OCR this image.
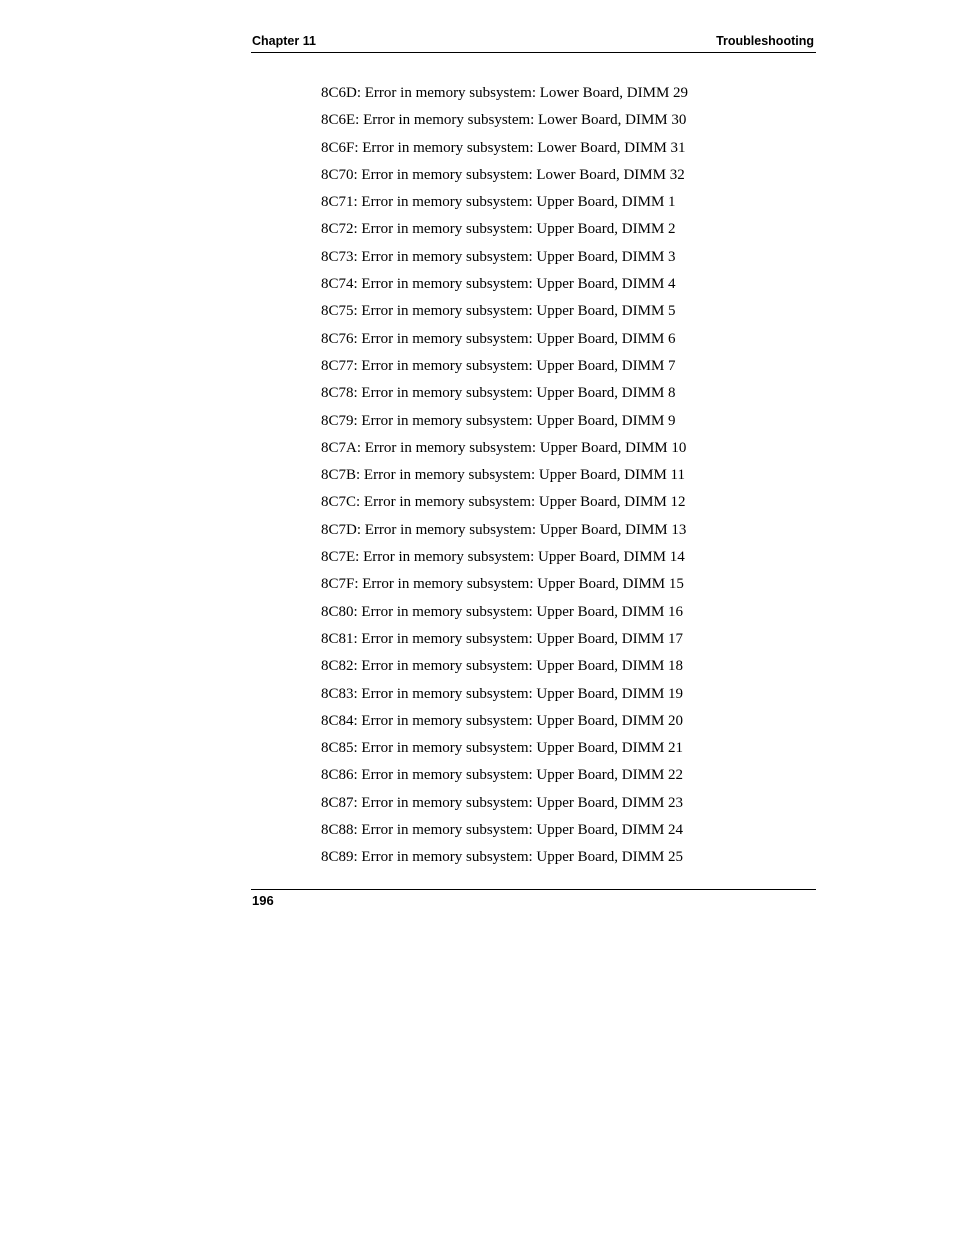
Chapter 11	Troubleshooting
8C6D: Error in memory subsystem: Lower Board, DIMM 29
8C6E: Error in memory subsystem: Lower Board, DIMM 30
8C6F: Error in memory subsystem: Lower Board, DIMM 31
8C70: Error in memory subsystem: Lower Board, DIMM 32
8C71: Error in memory subsystem: Upper Board, DIMM 1
8C72: Error in memory subsystem: Upper Board, DIMM 2
8C73: Error in memory subsystem: Upper Board, DIMM 3
8C74: Error in memory subsystem: Upper Board, DIMM 4
8C75: Error in memory subsystem: Upper Board, DIMM 5
8C76: Error in memory subsystem: Upper Board, DIMM 6
8C77: Error in memory subsystem: Upper Board, DIMM 7
8C78: Error in memory subsystem: Upper Board, DIMM 8
8C79: Error in memory subsystem: Upper Board, DIMM 9
8C7A: Error in memory subsystem: Upper Board, DIMM 10
8C7B: Error in memory subsystem: Upper Board, DIMM 11
8C7C: Error in memory subsystem: Upper Board, DIMM 12
8C7D: Error in memory subsystem: Upper Board, DIMM 13
8C7E: Error in memory subsystem: Upper Board, DIMM 14
8C7F: Error in memory subsystem: Upper Board, DIMM 15
8C80: Error in memory subsystem: Upper Board, DIMM 16
8C81: Error in memory subsystem: Upper Board, DIMM 17
8C82: Error in memory subsystem: Upper Board, DIMM 18
8C83: Error in memory subsystem: Upper Board, DIMM 19
8C84: Error in memory subsystem: Upper Board, DIMM 20
8C85: Error in memory subsystem: Upper Board, DIMM 21
8C86: Error in memory subsystem: Upper Board, DIMM 22
8C87: Error in memory subsystem: Upper Board, DIMM 23
8C88: Error in memory subsystem: Upper Board, DIMM 24
8C89: Error in memory subsystem: Upper Board, DIMM 25
196
